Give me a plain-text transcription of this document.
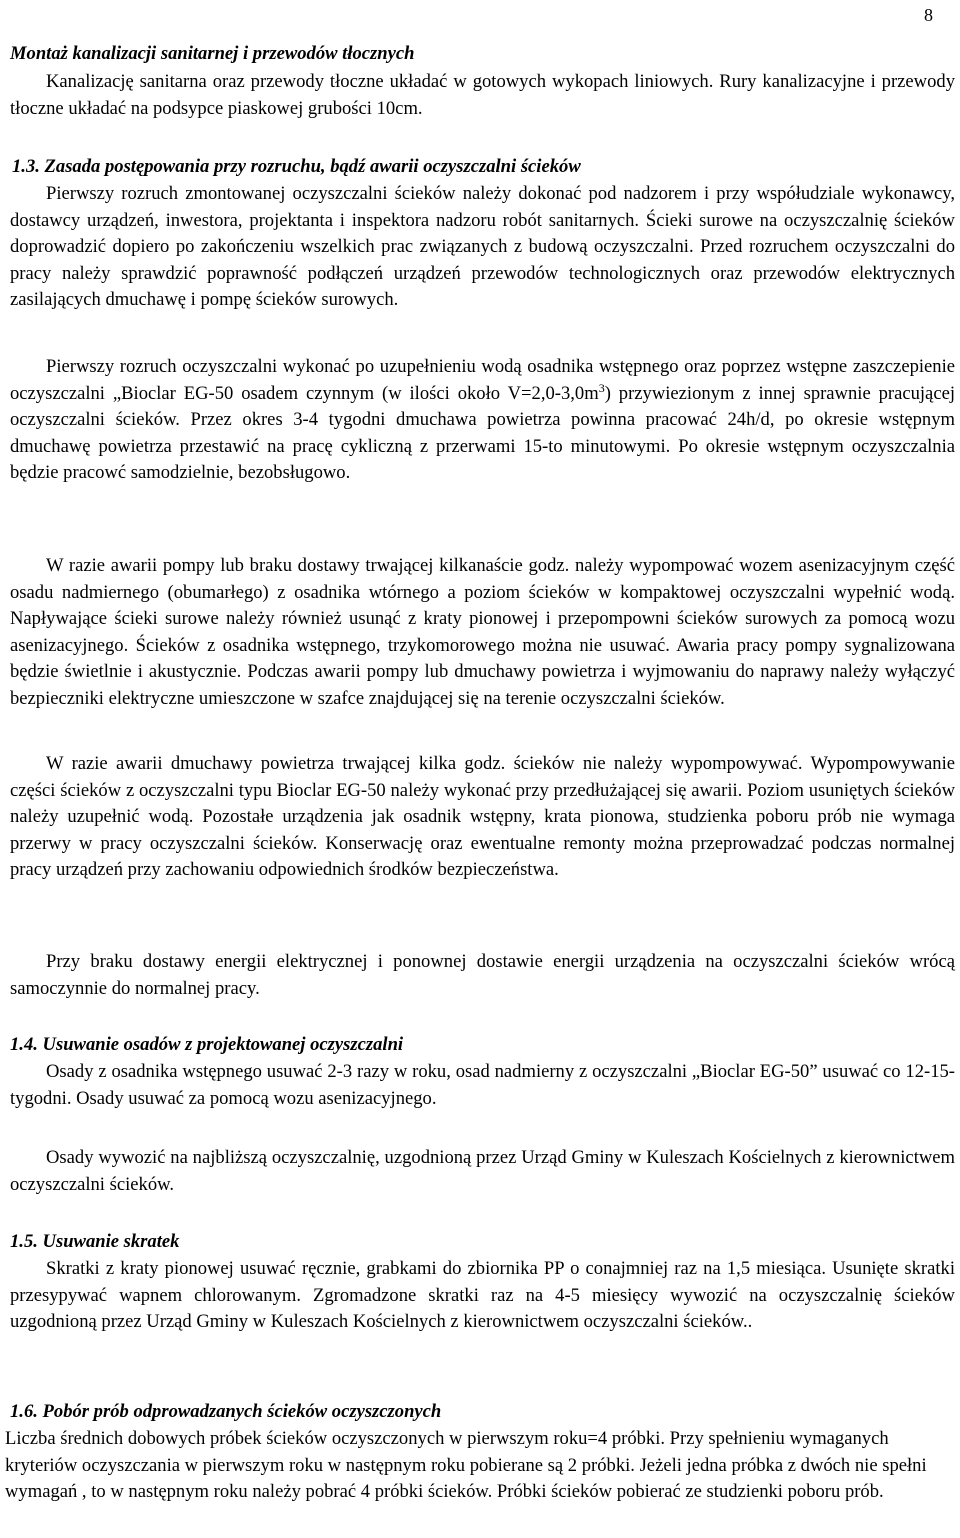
8
Montaż kanalizacji sanitarnej i przewodów tłocznych

Kanalizację sanitarna oraz przewody tłoczne układać w gotowych wykopach liniowych. Rury kanalizacyjne i przewody tłoczne układać na podsypce piaskowej grubości 10cm.

1.3. Zasada postępowania przy rozruchu, bądź awarii oczyszczalni ścieków

Pierwszy rozruch zmontowanej oczyszczalni ścieków należy dokonać pod nadzorem i przy współudziale wykonawcy, dostawcy urządzeń, inwestora, projektanta i inspektora nadzoru robót sanitarnych. Ścieki surowe na oczyszczalnię ścieków doprowadzić dopiero po zakończeniu wszelkich prac związanych z budową oczyszczalni. Przed rozruchem oczyszczalni do pracy należy sprawdzić poprawność podłączeń urządzeń przewodów technologicznych oraz przewodów elektrycznych zasilających dmuchawę i pompę ścieków surowych.

Pierwszy rozruch oczyszczalni wykonać po uzupełnieniu wodą osadnika wstępnego oraz poprzez wstępne zaszczepienie oczyszczalni „Bioclar EG-50 osadem czynnym (w ilości około $V=2,0-3,0m^3$) przywiezionym z innej sprawnie pracującej oczyszczalni ścieków. Przez okres 3-4 tygodni dmuchawa powietrza powinna pracować 24h/d, po okresie wstępnym dmuchawę powietrza przestawić na pracę cykliczną z przerwami 15-to minutowymi. Po okresie wstępnym oczyszczalnia będzie pracowć samodzielnie, bezobsługowo.

W razie awarii pompy lub braku dostawy trwającej kilkanaście godz. należy wypompować wozem asenizacyjnym część osadu nadmiernego (obumarłego) z osadnika wtórnego a poziom ścieków w kompaktowej oczyszczalni wypełnić wodą. Napływające ścieki surowe należy również usunąć z kraty pionowej i przepompowni ścieków surowych za pomocą wozu asenizacyjnego. Ścieków z osadnika wstępnego, trzykomorowego można nie usuwać. Awaria pracy pompy sygnalizowana będzie świetlnie i akustycznie. Podczas awarii pompy lub dmuchawy powietrza i wyjmowaniu do naprawy należy wyłączyć bezpieczniki elektryczne umieszczone w szafce znajdującej się na terenie oczyszczalni ścieków.

W razie awarii dmuchawy powietrza trwającej kilka godz. ścieków nie należy wypompowywać. Wypompowywanie części ścieków z oczyszczalni typu Bioclar EG-50 należy wykonać przy przedłużającej się awarii. Poziom usuniętych ścieków należy uzupełnić wodą. Pozostałe urządzenia jak osadnik wstępny, krata pionowa, studzienka poboru prób nie wymaga przerwy w pracy oczyszczalni ścieków. Konserwację oraz ewentualne remonty można przeprowadzać podczas normalnej pracy urządzeń przy zachowaniu odpowiednich środków bezpieczeństwa.

Przy braku dostawy energii elektrycznej i ponownej dostawie energii urządzenia na oczyszczalni ścieków wrócą samoczynnie do normalnej pracy.

1.4. Usuwanie osadów z projektowanej oczyszczalni

Osady z osadnika wstępnego usuwać 2-3 razy w roku, osad nadmierny z oczyszczalni „Bioclar EG-50” usuwać co 12-15- tygodni. Osady usuwać za pomocą wozu asenizacyjnego.

Osady wywozić na najbliższą oczyszczalnię, uzgodnioną przez Urząd Gminy w Kuleszach Kościelnych z kierownictwem oczyszczalni ścieków.

1.5. Usuwanie skratek

Skratki z kraty pionowej usuwać ręcznie, grabkami do zbiornika PP o conajmniej raz na 1,5 miesiąca. Usunięte skratki przesypywać wapnem chlorowanym. Zgromadzone skratki raz na 4-5 miesięcy wywozić na oczyszczalnię ścieków uzgodnioną przez Urząd Gminy w Kuleszach Kościelnych z kierownictwem oczyszczalni ścieków..

1.6. Pobór prób odprowadzanych ścieków oczyszczonych

Liczba średnich dobowych próbek ścieków oczyszczonych w pierwszym roku=4 próbki. Przy spełnieniu wymaganych kryteriów oczyszczania w pierwszym roku w następnym roku pobierane są 2 próbki. Jeżeli jedna próbka z dwóch nie spełni wymagań , to w następnym roku należy pobrać 4 próbki ścieków. Próbki ścieków pobierać ze studzienki poboru prób.
